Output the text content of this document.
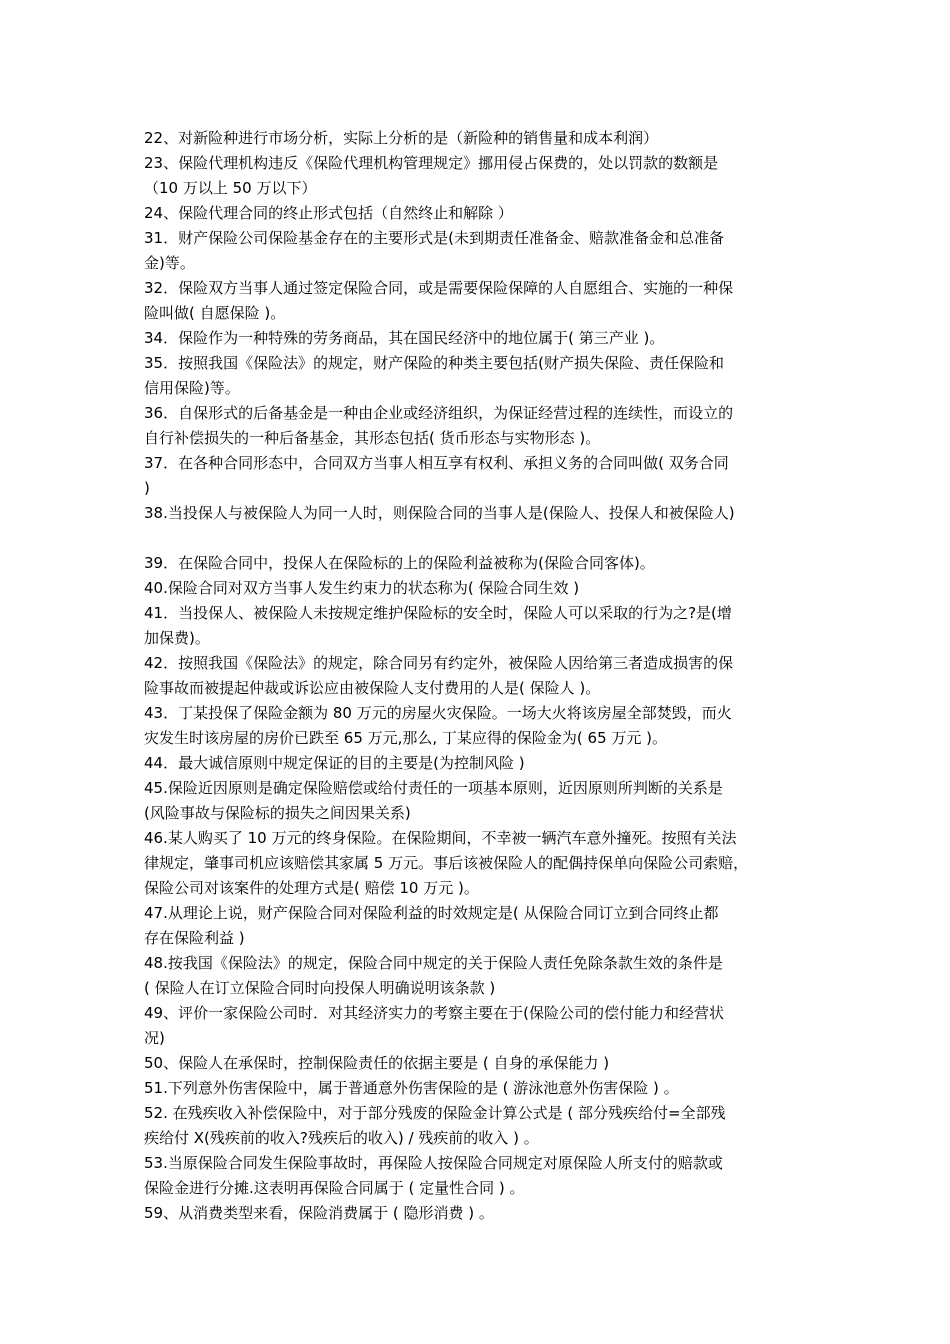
22、对新险种进行市场分析，实际上分析的是（新险种的销售量和成本利润）
23、保险代理机构违反《保险代理机构管理规定》挪用侵占保费的，处以罚款的数额是
（10 万以上 50 万以下）
24、保险代理合同的终止形式包括（自然终止和解除 ）
31．财产保险公司保险基金存在的主要形式是(未到期责任准备金、赔款准备金和总准备
金)等。
32．保险双方当事人通过签定保险合同，或是需要保险保障的人自愿组合、实施的一种保
险叫做( 自愿保险 )。
34．保险作为一种特殊的劳务商品，其在国民经济中的地位属于( 第三产业 )。
35．按照我国《保险法》的规定，财产保险的种类主要包括(财产损失保险、责任保险和
信用保险)等。
36．自保形式的后备基金是一种由企业或经济组织，为保证经营过程的连续性，而设立的
自行补偿损失的一种后备基金，其形态包括( 货币形态与实物形态 )。
37．在各种合同形态中，合同双方当事人相互享有权利、承担义务的合同叫做( 双务合同
)
38.当投保人与被保险人为同一人时，则保险合同的当事人是(保险人、投保人和被保险人)
39．在保险合同中，投保人在保险标的上的保险利益被称为(保险合同客体)。
40.保险合同对双方当事人发生约束力的状态称为( 保险合同生效 )
41．当投保人、被保险人未按规定维护保险标的安全时，保险人可以采取的行为之?是(增
加保费)。
42．按照我国《保险法》的规定，除合同另有约定外，被保险人因给第三者造成损害的保
险事故而被提起仲裁或诉讼应由被保险人支付费用的人是( 保险人 )。
43．丁某投保了保险金额为 80 万元的房屋火灾保险。一场大火将该房屋全部焚毁，而火
灾发生时该房屋的房价已跌至 65 万元,那么, 丁某应得的保险金为( 65 万元 )。
44．最大诚信原则中规定保证的目的主要是(为控制风险 )
45.保险近因原则是确定保险赔偿或给付责任的一项基本原则，近因原则所判断的关系是
(风险事故与保险标的损失之间因果关系)
46.某人购买了 10 万元的终身保险。在保险期间，不幸被一辆汽车意外撞死。按照有关法
律规定，肇事司机应该赔偿其家属 5 万元。事后该被保险人的配偶持保单向保险公司索赔，
保险公司对该案件的处理方式是( 赔偿 10 万元 )。
47.从理论上说，财产保险合同对保险利益的时效规定是( 从保险合同订立到合同终止都
存在保险利益 )
48.按我国《保险法》的规定，保险合同中规定的关于保险人责任免除条款生效的条件是
( 保险人在订立保险合同时向投保人明确说明该条款 )
49、评价一家保险公司时．对其经济实力的考察主要在于(保险公司的偿付能力和经营状
况)
50、保险人在承保时，控制保险责任的依据主要是 ( 自身的承保能力 )
51.下列意外伤害保险中，属于普通意外伤害保险的是 ( 游泳池意外伤害保险 ) 。
52. 在残疾收入补偿保险中，对于部分残废的保险金计算公式是 ( 部分残疾给付=全部残
疾给付 X(残疾前的收入?残疾后的收入) / 残疾前的收入 ) 。
53.当原保险合同发生保险事故时，再保险人按保险合同规定对原保险人所支付的赔款或
保险金进行分摊.这表明再保险合同属于 ( 定量性合同 ) 。
59、从消费类型来看，保险消费属于 ( 隐形消费 ) 。
